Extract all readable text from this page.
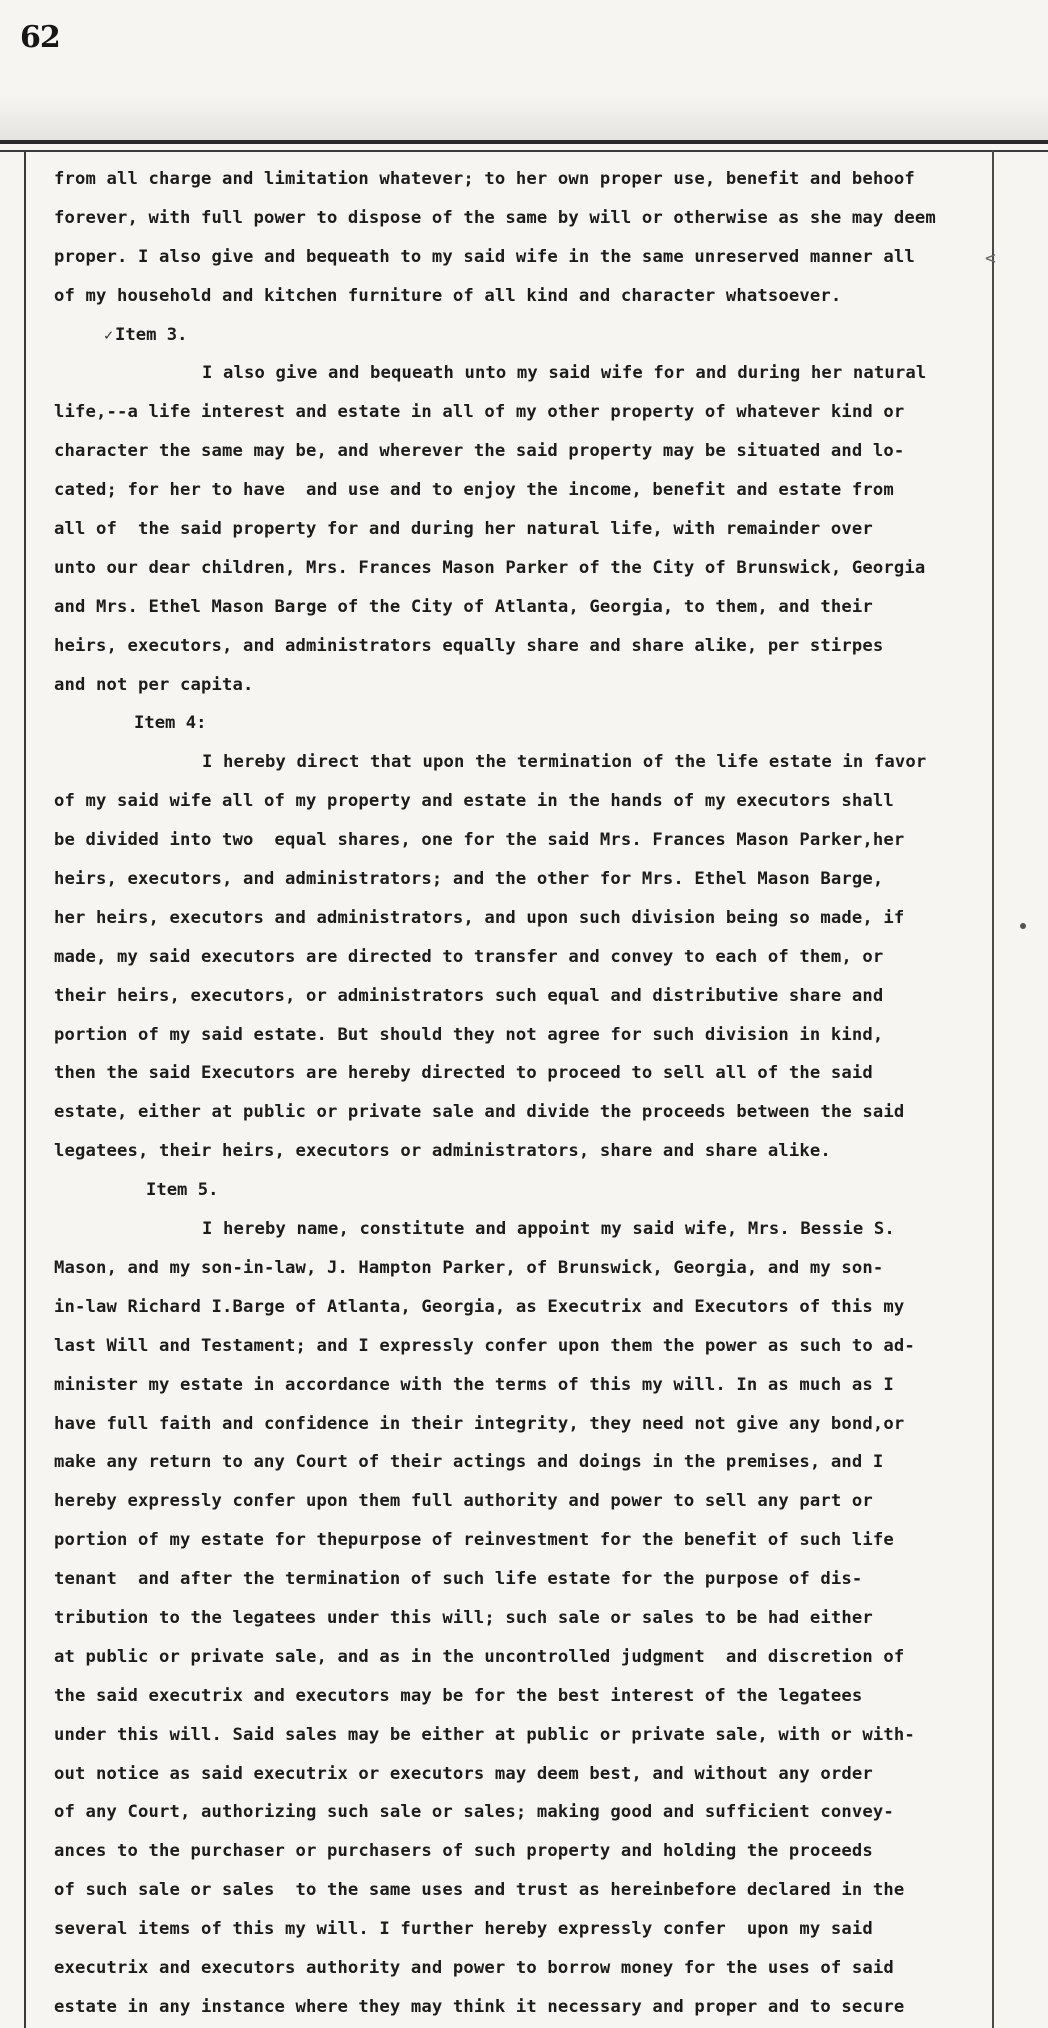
62
<
from all charge and limitation whatever; to her own proper use, benefit and behoof
forever, with full power to dispose of the same by will or otherwise as she may deem
proper. I also give and bequeath to my said wife in the same unreserved manner all
of my household and kitchen furniture of all kind and character whatsoever.
✓ Item 3.
I also give and bequeath unto my said wife for and during her natural
life,--a life interest and estate in all of my other property of whatever kind or
character the same may be, and wherever the said property may be situated and lo-
cated; for her to have  and use and to enjoy the income, benefit and estate from
all of  the said property for and during her natural life, with remainder over
unto our dear children, Mrs. Frances Mason Parker of the City of Brunswick, Georgia
and Mrs. Ethel Mason Barge of the City of Atlanta, Georgia, to them, and their
heirs, executors, and administrators equally share and share alike, per stirpes
and not per capita.
Item 4:
I hereby direct that upon the termination of the life estate in favor
of my said wife all of my property and estate in the hands of my executors shall
be divided into two  equal shares, one for the said Mrs. Frances Mason Parker,her
heirs, executors, and administrators; and the other for Mrs. Ethel Mason Barge,
her heirs, executors and administrators, and upon such division being so made, if
made, my said executors are directed to transfer and convey to each of them, or
their heirs, executors, or administrators such equal and distributive share and
portion of my said estate. But should they not agree for such division in kind,
then the said Executors are hereby directed to proceed to sell all of the said
estate, either at public or private sale and divide the proceeds between the said
legatees, their heirs, executors or administrators, share and share alike.
Item 5.
I hereby name, constitute and appoint my said wife, Mrs. Bessie S.
Mason, and my son-in-law, J. Hampton Parker, of Brunswick, Georgia, and my son-
in-law Richard I.Barge of Atlanta, Georgia, as Executrix and Executors of this my
last Will and Testament; and I expressly confer upon them the power as such to ad-
minister my estate in accordance with the terms of this my will. In as much as I
have full faith and confidence in their integrity, they need not give any bond,or
make any return to any Court of their actings and doings in the premises, and I
hereby expressly confer upon them full authority and power to sell any part or
portion of my estate for thepurpose of reinvestment for the benefit of such life
tenant  and after the termination of such life estate for the purpose of dis-
tribution to the legatees under this will; such sale or sales to be had either
at public or private sale, and as in the uncontrolled judgment  and discretion of
the said executrix and executors may be for the best interest of the legatees
under this will. Said sales may be either at public or private sale, with or with-
out notice as said executrix or executors may deem best, and without any order
of any Court, authorizing such sale or sales; making good and sufficient convey-
ances to the purchaser or purchasers of such property and holding the proceeds
of such sale or sales  to the same uses and trust as hereinbefore declared in the
several items of this my will. I further hereby expressly confer  upon my said
executrix and executors authority and power to borrow money for the uses of said
estate in any instance where they may think it necessary and proper and to secure
